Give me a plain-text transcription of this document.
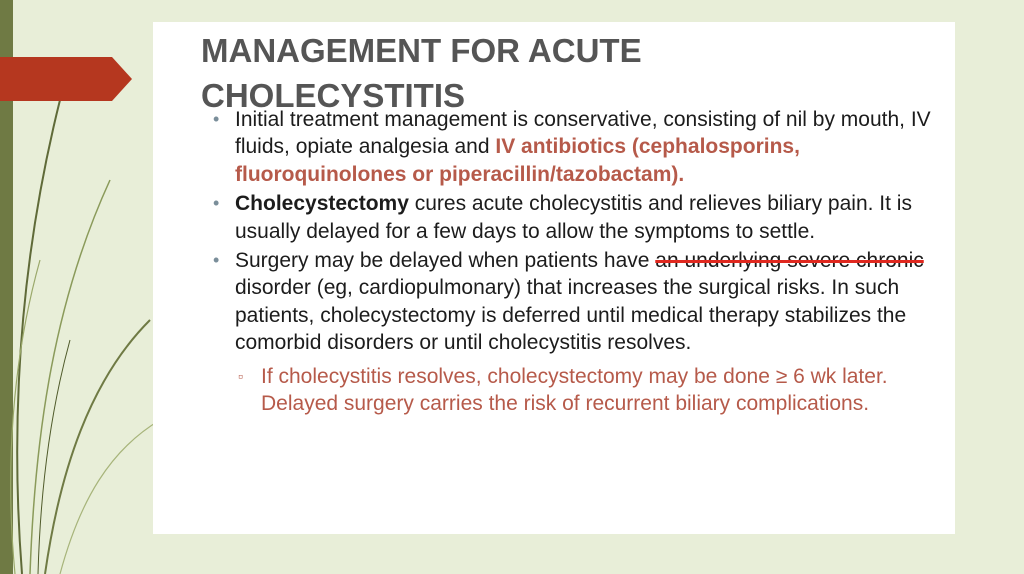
MANAGEMENT FOR ACUTE
CHOLECYSTITIS
• Initial treatment management is conservative, consisting of nil by mouth, IV fluids, opiate analgesia and IV antibiotics (cephalosporins, fluoroquinolones or piperacillin/tazobactam).
• Cholecystectomy cures acute cholecystitis and relieves biliary pain. It is usually delayed for a few days to allow the symptoms to settle.
• Surgery may be delayed when patients have an underlying severe chronic disorder (eg, cardiopulmonary) that increases the surgical risks. In such patients, cholecystectomy is deferred until medical therapy stabilizes the comorbid disorders or until cholecystitis resolves.
▫ If cholecystitis resolves, cholecystectomy may be done ≥ 6 wk later. Delayed surgery carries the risk of recurrent biliary complications.
